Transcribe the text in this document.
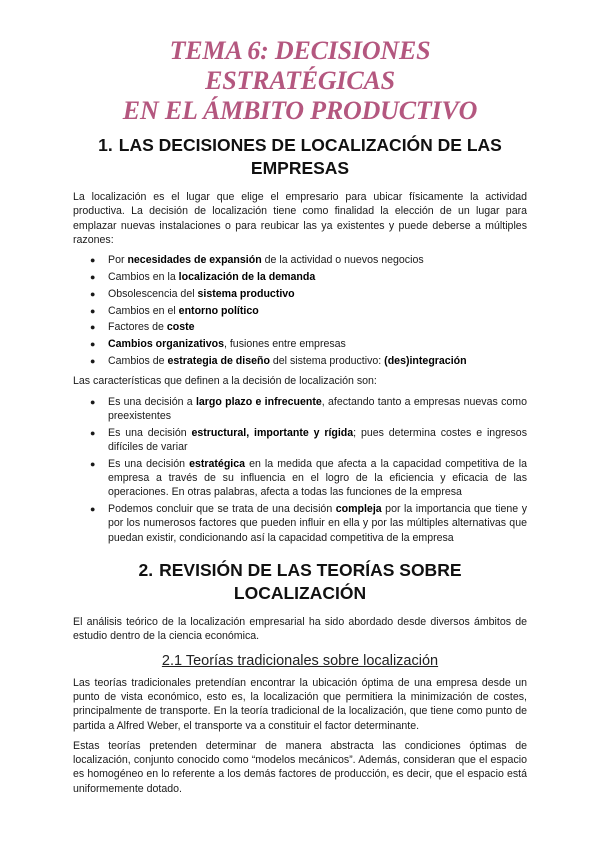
TEMA 6: DECISIONES ESTRATÉGICAS
EN EL ÁMBITO PRODUCTIVO
1. LAS DECISIONES DE LOCALIZACIÓN DE LAS
EMPRESAS

La localización es el lugar que elige el empresario para ubicar físicamente la actividad productiva. La decisión de localización tiene como finalidad la elección de un lugar para emplazar nuevas instalaciones o para reubicar las ya existentes y puede deberse a múltiples razones:

● Por necesidades de expansión de la actividad o nuevos negocios
● Cambios en la localización de la demanda
● Obsolescencia del sistema productivo
● Cambios en el entorno político
● Factores de coste
● Cambios organizativos, fusiones entre empresas
● Cambios de estrategia de diseño del sistema productivo: (des)integración

Las características que definen a la decisión de localización son:

● Es una decisión a largo plazo e infrecuente, afectando tanto a empresas nuevas como preexistentes
● Es una decisión estructural, importante y rígida; pues determina costes e ingresos difíciles de variar
● Es una decisión estratégica en la medida que afecta a la capacidad competitiva de la empresa a través de su influencia en el logro de la eficiencia y eficacia de las operaciones. En otras palabras, afecta a todas las funciones de la empresa
● Podemos concluir que se trata de una decisión compleja por la importancia que tiene y por los numerosos factores que pueden influir en ella y por las múltiples alternativas que puedan existir, condicionando así la capacidad competitiva de la empresa
2. REVISIÓN DE LAS TEORÍAS SOBRE
LOCALIZACIÓN

El análisis teórico de la localización empresarial ha sido abordado desde diversos ámbitos de estudio dentro de la ciencia económica.

2.1 Teorías tradicionales sobre localización

Las teorías tradicionales pretendían encontrar la ubicación óptima de una empresa desde un punto de vista económico, esto es, la localización que permitiera la minimización de costes, principalmente de transporte. En la teoría tradicional de la localización, que tiene como punto de partida a Alfred Weber, el transporte va a constituir el factor determinante.

Estas teorías pretenden determinar de manera abstracta las condiciones óptimas de localización, conjunto conocido como “modelos mecánicos”. Además, consideran que el espacio es homogéneo en lo referente a los demás factores de producción, es decir, que el espacio está uniformemente dotado.
